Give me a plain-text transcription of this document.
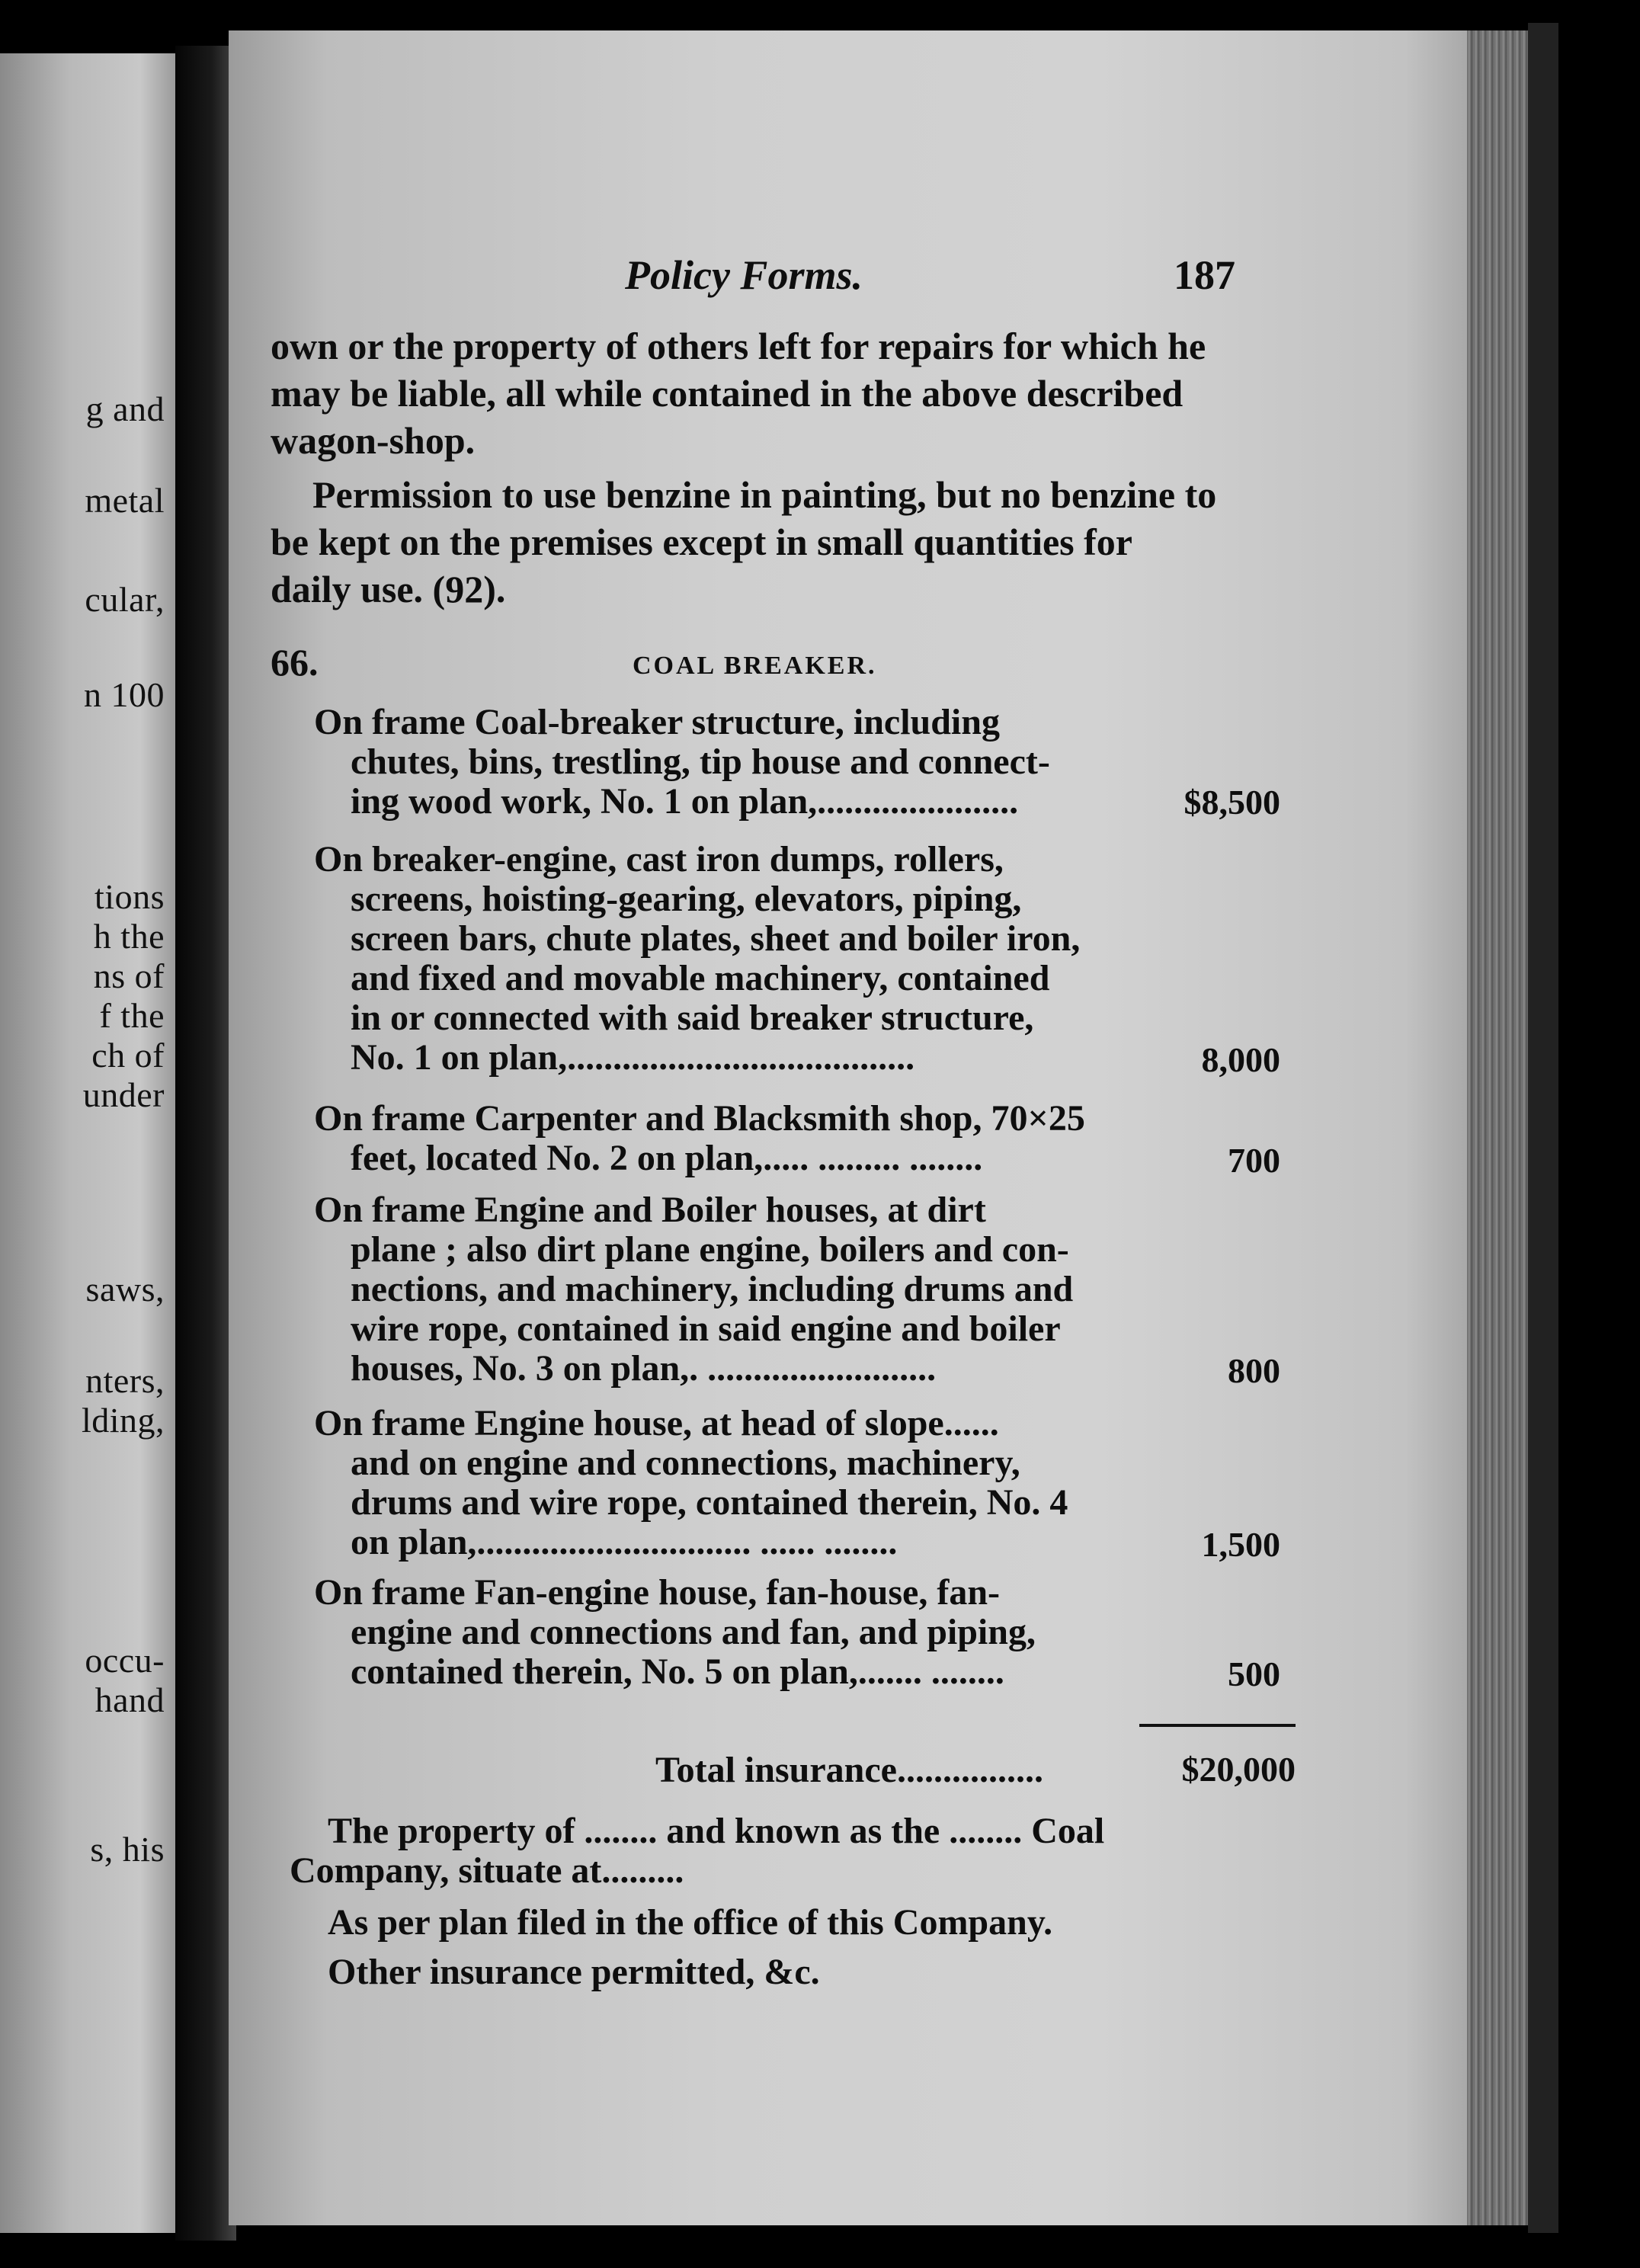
g and
metal
cular,
n 100
tions
h the
ns of
f the
ch of
under
saws,
nters,
lding,
occu-
hand
s, his
Policy Forms.	187
own or the property of others left for repairs for which he
may be liable, all while contained in the above described
wagon-shop.
Permission to use benzine in painting, but no benzine to
be kept on the premises except in small quantities for
daily use. (92).
66.	COAL BREAKER.
On frame Coal-breaker structure, including
chutes, bins, trestling, tip house and connect-
ing wood work, No. 1 on plan,......................	$8,500
On breaker-engine, cast iron dumps, rollers,
screens, hoisting-gearing, elevators, piping,
screen bars, chute plates, sheet and boiler iron,
and fixed and movable machinery, contained
in or connected with said breaker structure,
No. 1 on plan,......................................	8,000
On frame Carpenter and Blacksmith shop, 70×25
feet, located No. 2 on plan,..... ......... ........	700
On frame Engine and Boiler houses, at dirt
plane ; also dirt plane engine, boilers and con-
nections, and machinery, including drums and
wire rope, contained in said engine and boiler
houses, No. 3 on plan,. .........................	800
On frame Engine house, at head of slope......
and on engine and connections, machinery,
drums and wire rope, contained therein, No. 4
on plan,.............................. ...... ........	1,500
On frame Fan-engine house, fan-house, fan-
engine and connections and fan, and piping,
contained therein, No. 5 on plan,....... ........	500
Total insurance................	$20,000
The property of ........ and known as the ........ Coal
Company, situate at.........
As per plan filed in the office of this Company.
Other insurance permitted, &c.
